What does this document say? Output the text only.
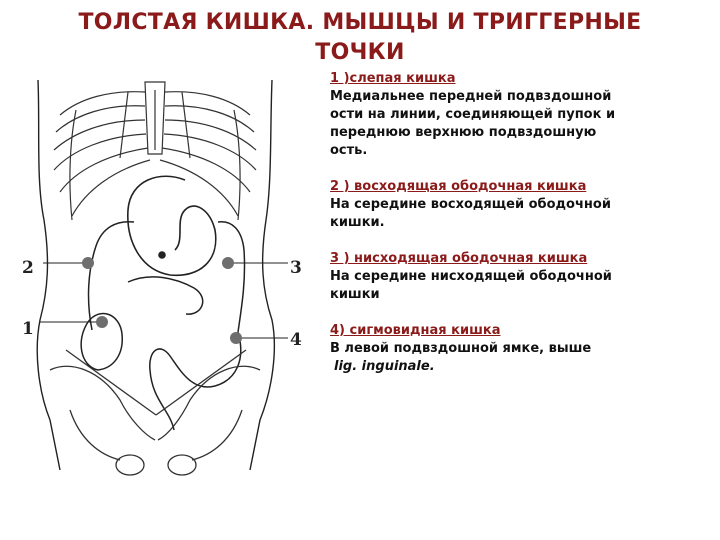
ТОЛСТАЯ КИШКА. МЫШЦЫ И ТРИГГЕРНЫЕ
ТОЧКИ
1
2	3
4
1 )слепая кишка
Медиальнее передней подвздошной
ости на линии, соединяющей пупок и
переднюю верхнюю подвздошную
ость.
2 ) восходящая ободочная кишка
На середине восходящей ободочной
кишки.
3 ) нисходящая ободочная кишка
На середине нисходящей ободочной
кишки
4) сигмовидная кишка
В левой подвздошной ямке, выше
lig. inguinale.
